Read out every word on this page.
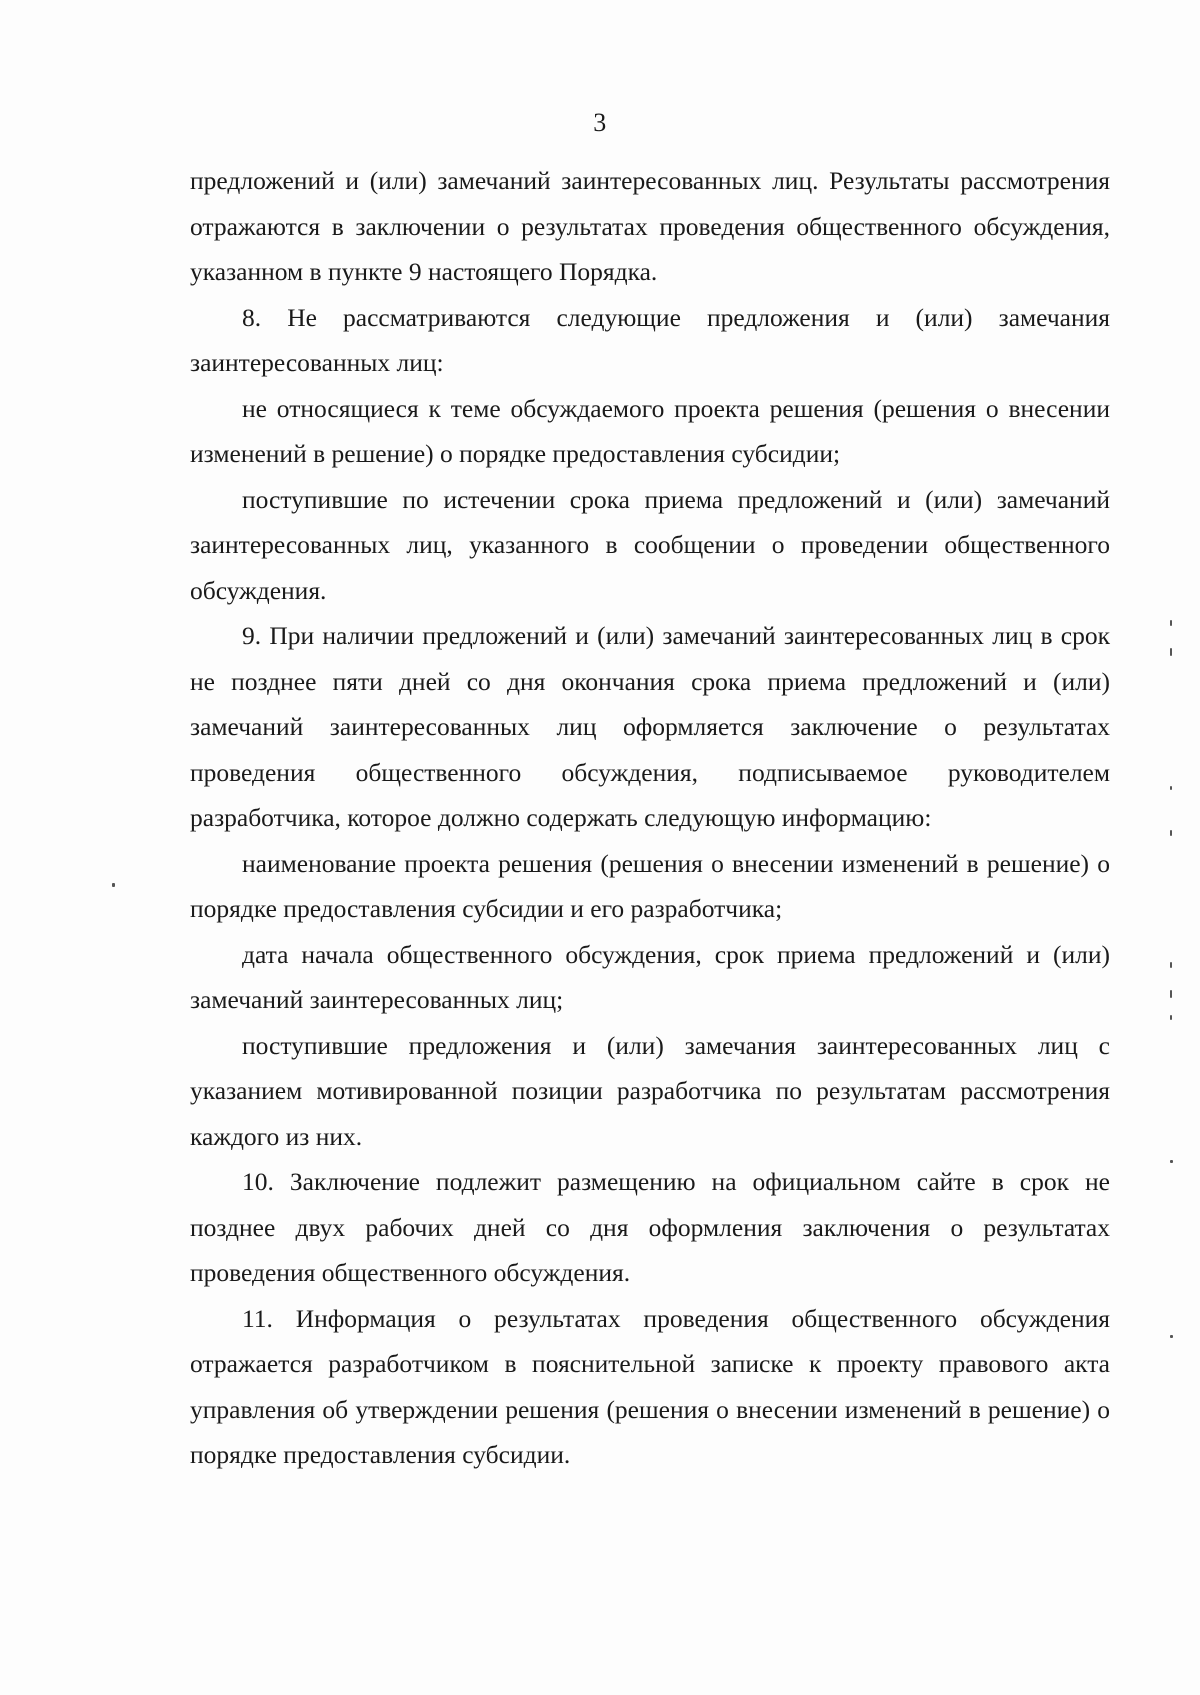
3

предложений и (или) замечаний заинтересованных лиц. Результаты рассмотрения отражаются в заключении о результатах проведения общественного обсуждения, указанном в пункте 9 настоящего Порядка.

8. Не рассматриваются следующие предложения и (или) замечания заинтересованных лиц:

не относящиеся к теме обсуждаемого проекта решения (решения о внесении изменений в решение) о порядке предоставления субсидии;

поступившие по истечении срока приема предложений и (или) замечаний заинтересованных лиц, указанного в сообщении о проведении общественного обсуждения.

9. При наличии предложений и (или) замечаний заинтересованных лиц в срок не позднее пяти дней со дня окончания срока приема предложений и (или) замечаний заинтересованных лиц оформляется заключение о результатах проведения общественного обсуждения, подписываемое руководителем разработчика, которое должно содержать следующую информацию:

наименование проекта решения (решения о внесении изменений в решение) о порядке предоставления субсидии и его разработчика;

дата начала общественного обсуждения, срок приема предложений и (или) замечаний заинтересованных лиц;

поступившие предложения и (или) замечания заинтересованных лиц с указанием мотивированной позиции разработчика по результатам рассмотрения каждого из них.

10. Заключение подлежит размещению на официальном сайте в срок не позднее двух рабочих дней со дня оформления заключения о результатах проведения общественного обсуждения.

11. Информация о результатах проведения общественного обсуждения отражается разработчиком в пояснительной записке к проекту правового акта управления об утверждении решения (решения о внесении изменений в решение) о порядке предоставления субсидии.
